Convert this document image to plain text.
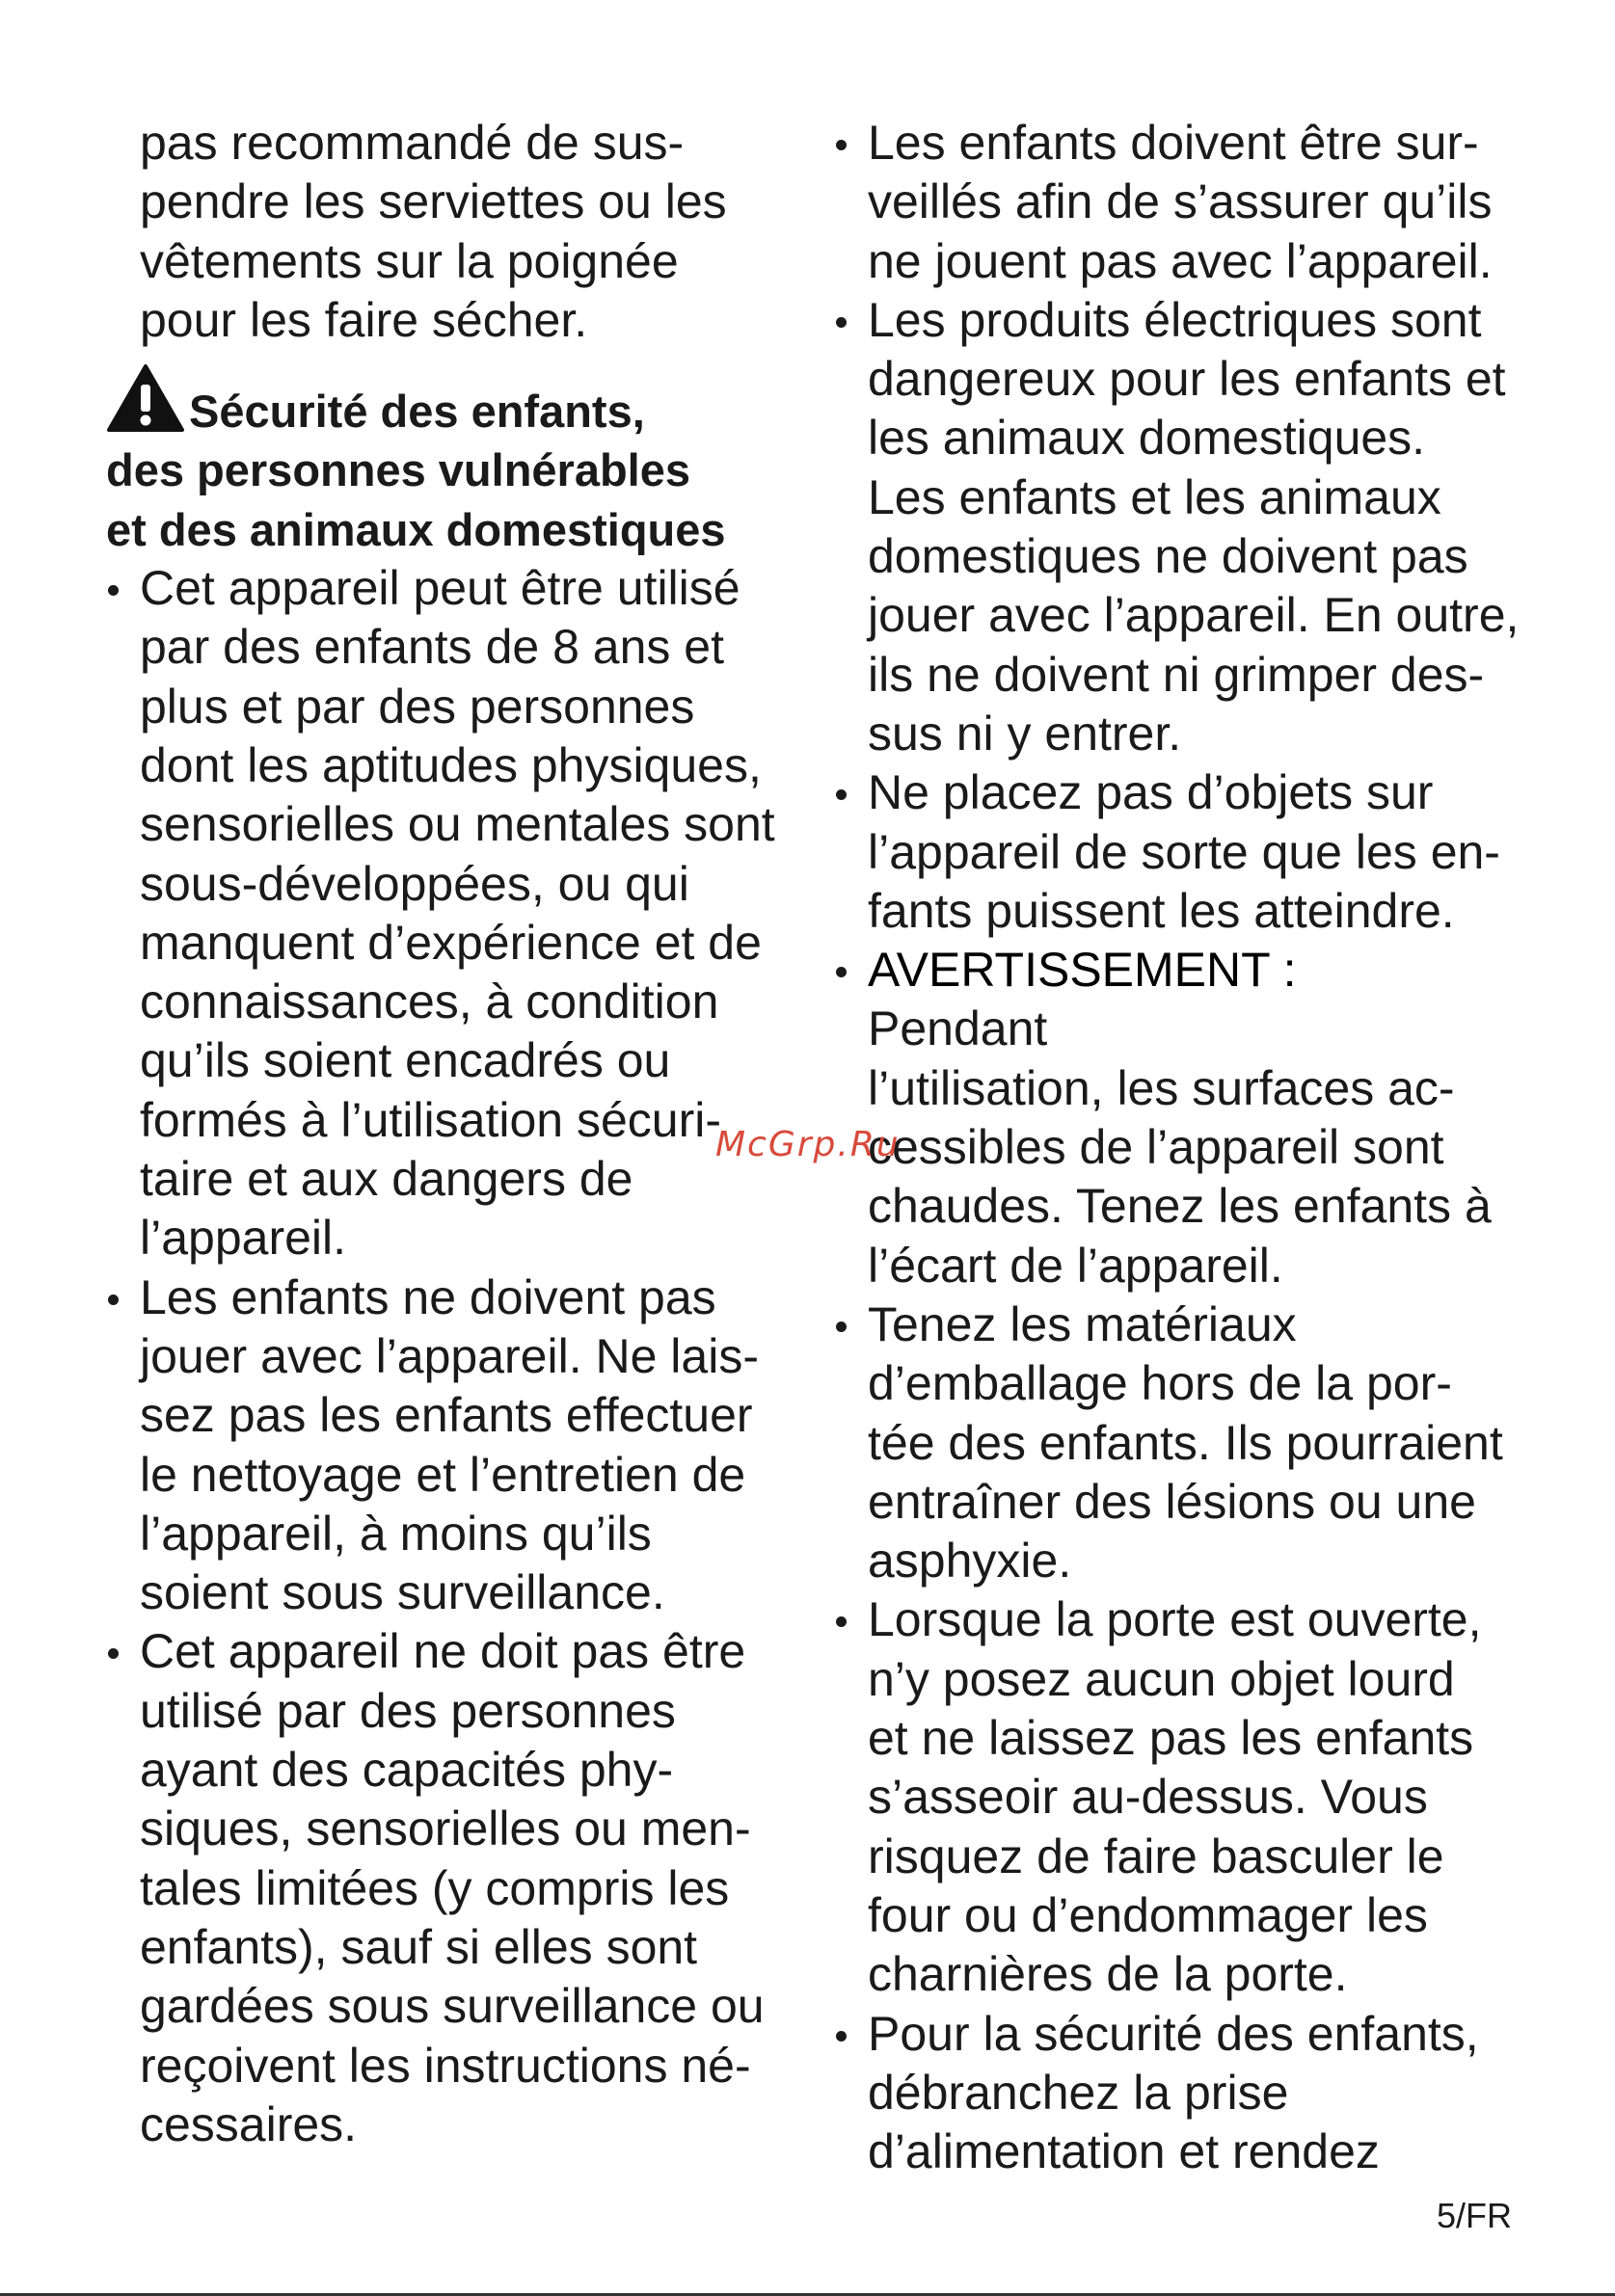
pas recommandé de sus-
pendre les serviettes ou les
vêtements sur la poignée
pour les faire sécher.
Sécurité des enfants,
des personnes vulnérables
et des animaux domestiques
Cet appareil peut être utilisé
par des enfants de 8 ans et
plus et par des personnes
dont les aptitudes physiques,
sensorielles ou mentales sont
sous-développées, ou qui
manquent d’expérience et de
connaissances, à condition
qu’ils soient encadrés ou
formés à l’utilisation sécuri-
taire et aux dangers de
l’appareil.
Les enfants ne doivent pas
jouer avec l’appareil. Ne lais-
sez pas les enfants effectuer
le nettoyage et l’entretien de
l’appareil, à moins qu’ils
soient sous surveillance.
Cet appareil ne doit pas être
utilisé par des personnes
ayant des capacités phy-
siques, sensorielles ou men-
tales limitées (y compris les
enfants), sauf si elles sont
gardées sous surveillance ou
reçoivent les instructions né-
cessaires.
Les enfants doivent être sur-
veillés afin de s’assurer qu’ils
ne jouent pas avec l’appareil.
Les produits électriques sont
dangereux pour les enfants et
les animaux domestiques.
Les enfants et les animaux
domestiques ne doivent pas
jouer avec l’appareil. En outre,
ils ne doivent ni grimper des-
sus ni y entrer.
Ne placez pas d’objets sur
l’appareil de sorte que les en-
fants puissent les atteindre.
AVERTISSEMENT :
Pendant
l’utilisation, les surfaces ac-
cessibles de l’appareil sont
chaudes. Tenez les enfants à
l’écart de l’appareil.
Tenez les matériaux
d’emballage hors de la por-
tée des enfants. Ils pourraient
entraîner des lésions ou une
asphyxie.
Lorsque la porte est ouverte,
n’y posez aucun objet lourd
et ne laissez pas les enfants
s’asseoir au-dessus. Vous
risquez de faire basculer le
four ou d’endommager les
charnières de la porte.
Pour la sécurité des enfants,
débranchez la prise
d’alimentation et rendez
McGrp.Ru
5/FR
